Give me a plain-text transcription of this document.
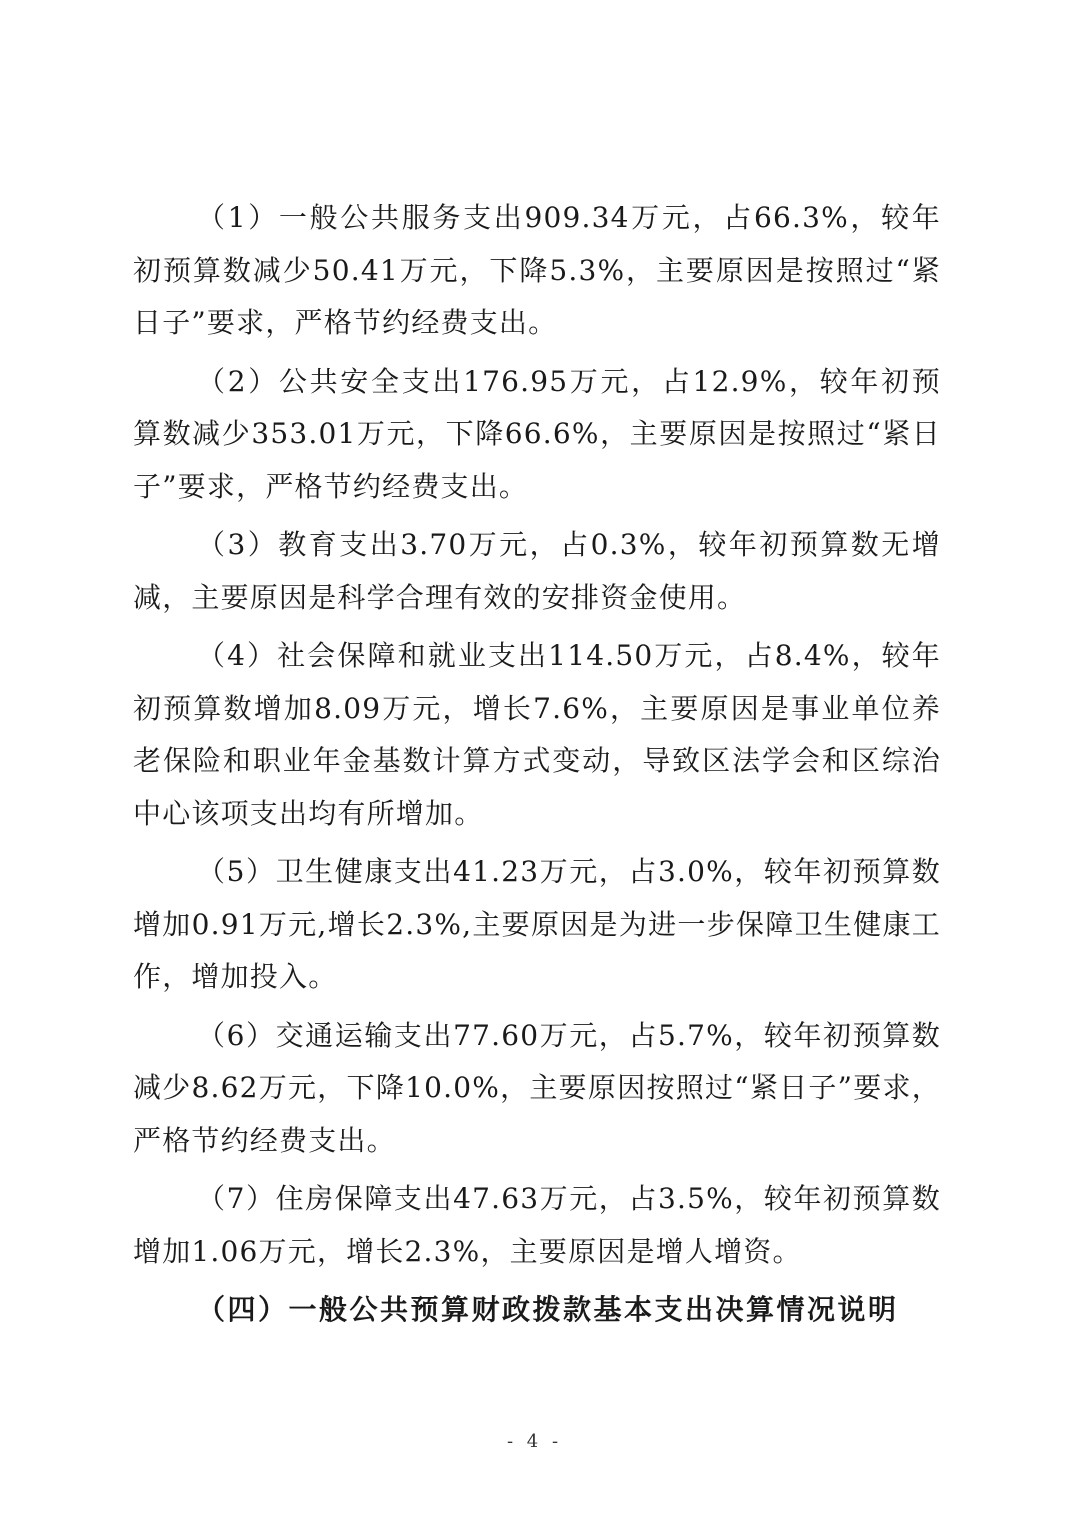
（1）一般公共服务支出909.34万元，占66.3%，较年初预算数减少50.41万元，下降5.3%，主要原因是按照过“紧日子”要求，严格节约经费支出。

（2）公共安全支出176.95万元，占12.9%，较年初预算数减少353.01万元，下降66.6%，主要原因是按照过“紧日子”要求，严格节约经费支出。

（3）教育支出3.70万元，占0.3%，较年初预算数无增减，主要原因是科学合理有效的安排资金使用。

（4）社会保障和就业支出114.50万元，占8.4%，较年初预算数增加8.09万元，增长7.6%，主要原因是事业单位养老保险和职业年金基数计算方式变动，导致区法学会和区综治中心该项支出均有所增加。

（5）卫生健康支出41.23万元，占3.0%，较年初预算数增加0.91万元,增长2.3%,主要原因是为进一步保障卫生健康工作，增加投入。

（6）交通运输支出77.60万元，占5.7%，较年初预算数减少8.62万元，下降10.0%，主要原因按照过“紧日子”要求，严格节约经费支出。

（7）住房保障支出47.63万元，占3.5%，较年初预算数增加1.06万元，增长2.3%，主要原因是增人增资。

（四）一般公共预算财政拨款基本支出决算情况说明

- 4 -
